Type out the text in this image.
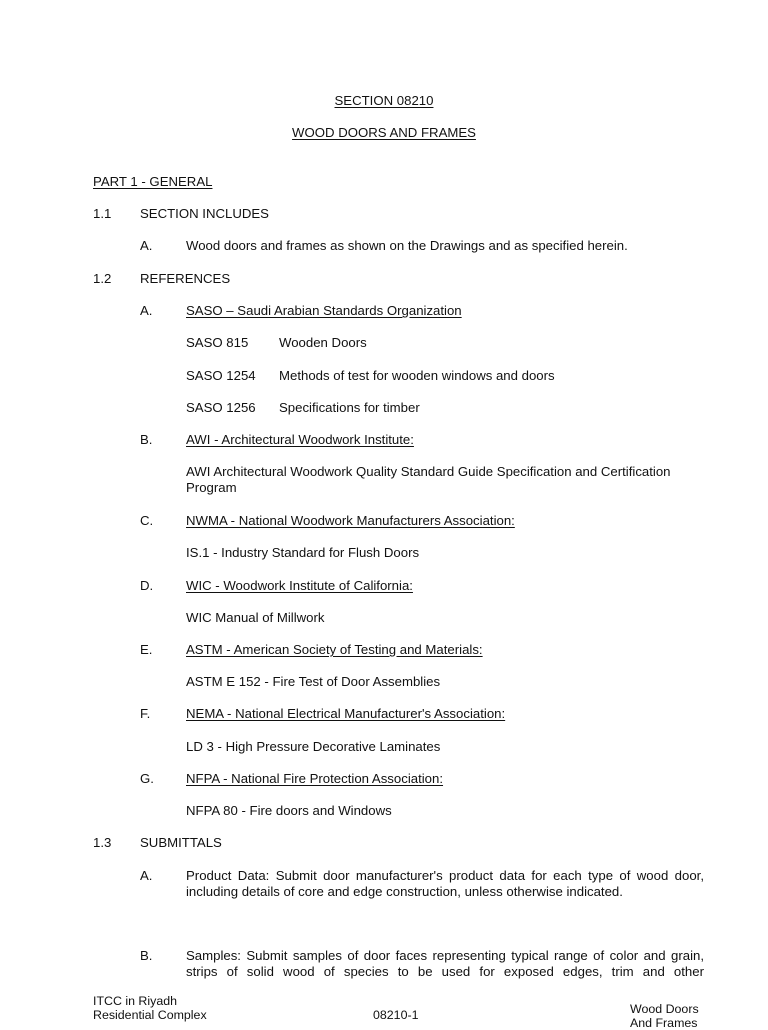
SECTION 08210
WOOD DOORS AND FRAMES
PART 1 - GENERAL
1.1 SECTION INCLUDES
A.	Wood doors and frames as shown on the Drawings and as specified herein.
1.2 REFERENCES
A.	SASO – Saudi Arabian Standards Organization
SASO 815 Wooden Doors
SASO 1254 Methods of test for wooden windows and doors
SASO 1256 Specifications for timber
B.	AWI - Architectural Woodwork Institute:
AWI Architectural Woodwork Quality Standard Guide Specification and Certification Program
C. NWMA - National Woodwork Manufacturers Association:
IS.1 - Industry Standard for Flush Doors
D. WIC - Woodwork Institute of California:
WIC Manual of Millwork
E.	ASTM - American Society of Testing and Materials:
ASTM E 152 - Fire Test of Door Assemblies
F.	NEMA - National Electrical Manufacturer's Association:
LD 3 - High Pressure Decorative Laminates
G. NFPA - National Fire Protection Association:
NFPA 80 - Fire doors and Windows
1.3 SUBMITTALS
A.	Product Data: Submit door manufacturer's product data for each type of wood door, including details of core and edge construction, unless otherwise indicated.
B.	Samples: Submit samples of door faces representing typical range of color and grain, strips of solid wood of species to be used for exposed edges, trim and other
ITCC in Riyadh
Residential Complex	08210-1	Wood Doors
And Frames
